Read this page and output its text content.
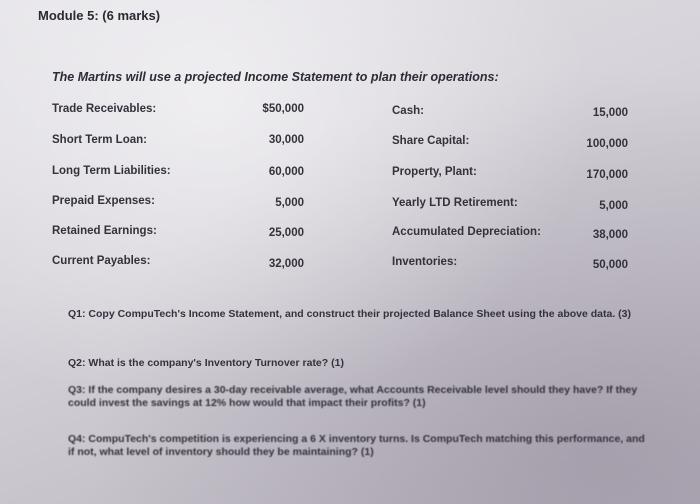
Module 5: (6 marks)
The Martins will use a projected Income Statement to plan their operations:
Trade Receivables:	$50,000	Cash:	15,000
Short Term Loan:	30,000	Share Capital:	100,000
Long Term Liabilities:	60,000	Property, Plant:	170,000
Prepaid Expenses:	5,000	Yearly LTD Retirement:	5,000
Retained Earnings:	25,000	Accumulated Depreciation:	38,000
Current Payables:	32,000	Inventories:	50,000
Q1: Copy CompuTech's Income Statement, and construct their projected Balance Sheet using the above data. (3)
Q2: What is the company's Inventory Turnover rate? (1)
Q3: If the company desires a 30-day receivable average, what Accounts Receivable level should they have? If they could invest the savings at 12% how would that impact their profits? (1)
Q4: CompuTech's competition is experiencing a 6 X inventory turns. Is CompuTech matching this performance, and if not, what level of inventory should they be maintaining? (1)
